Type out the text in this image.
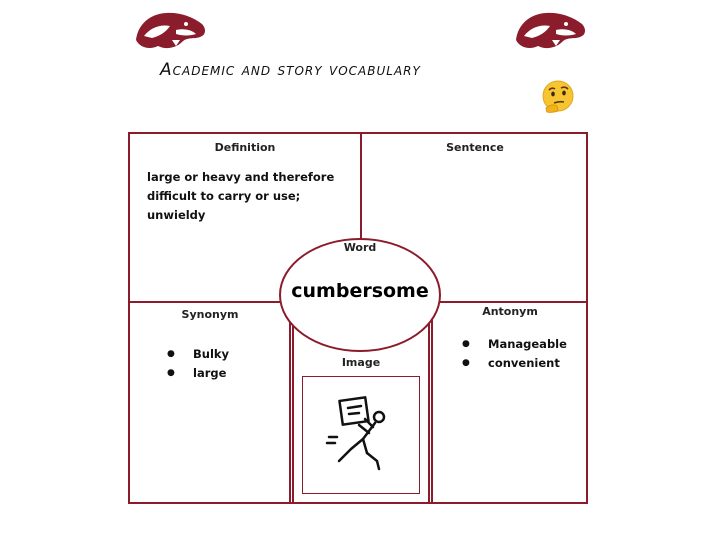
Academic and story vocabulary
Definition
large or heavy and therefore
difficult to carry or use; unwieldy
Sentence
Synonym
● Bulky
● large
Antonym
● Manageable
● convenient
Word
cumbersome
Image
